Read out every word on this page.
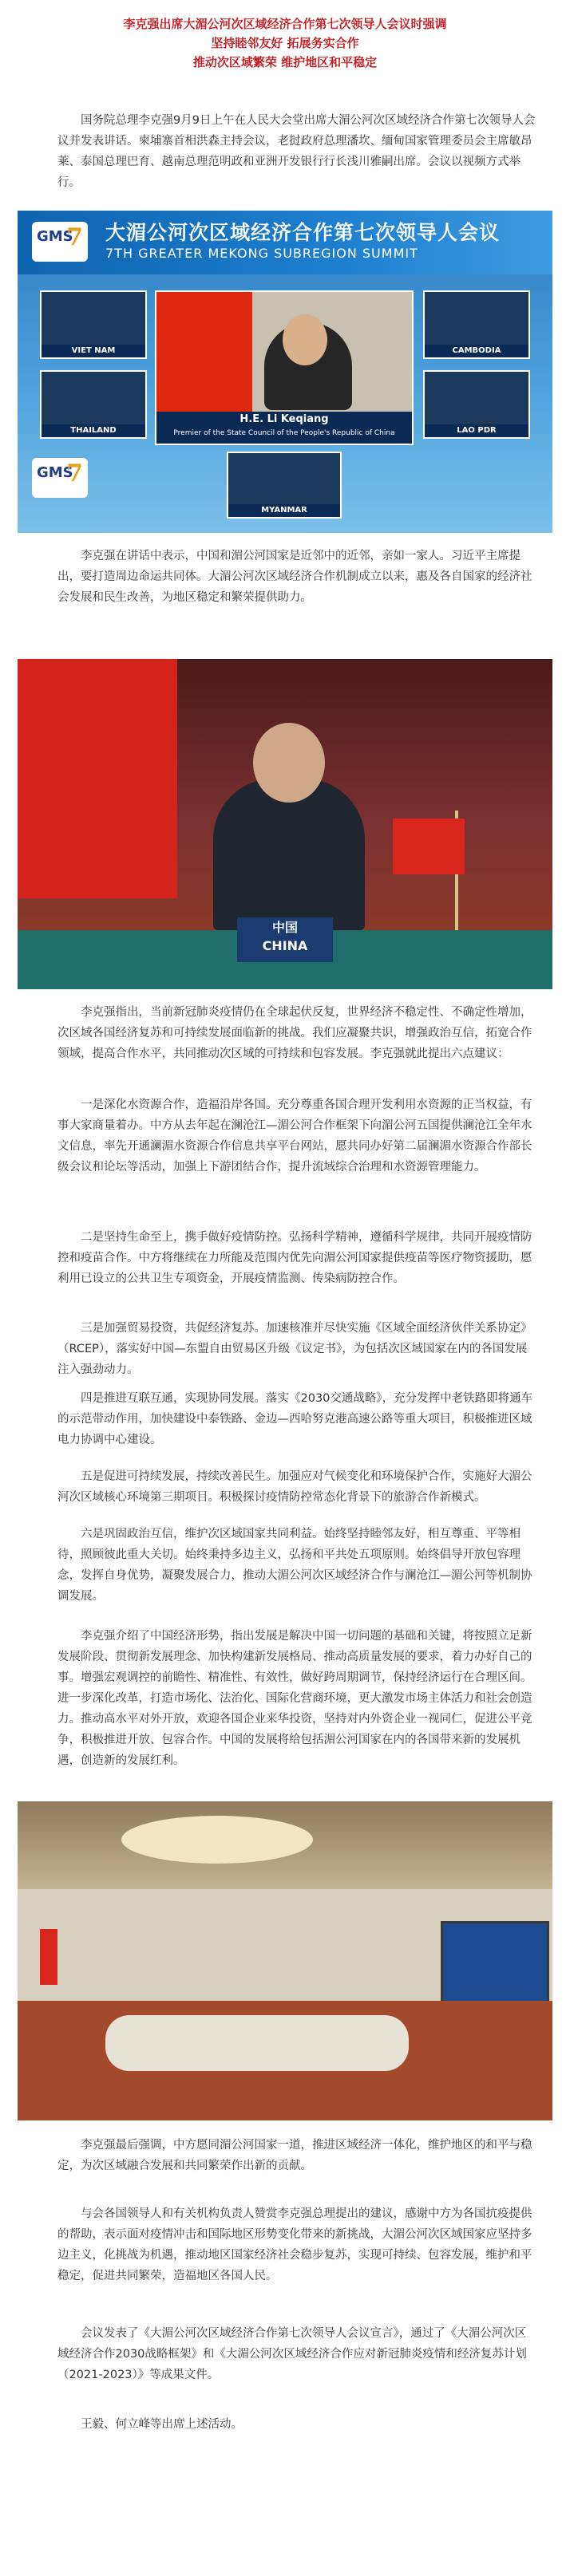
李克强出席大湄公河次区域经济合作第七次领导人会议时强调
坚持睦邻友好 拓展务实合作
推动次区域繁荣 维护地区和平稳定

国务院总理李克强9月9日上午在人民大会堂出席大湄公河次区域经济合作第七次领导人会议并发表讲话。柬埔寨首相洪森主持会议，老挝政府总理潘坎、缅甸国家管理委员会主席敏昂莱、泰国总理巴育、越南总理范明政和亚洲开发银行行长浅川雅嗣出席。会议以视频方式举行。

GMS
7 大湄公河次区域经济合作第七次领导人会议
7TH GREATER MEKONG SUBREGION SUMMIT
VIET NAM	CAMBODIA
THAILAND	LAO PDR
H.E. Li Keqiang
Premier of the State Council of the People's Republic of China
MYANMAR
GMS
7

李克强在讲话中表示，中国和湄公河国家是近邻中的近邻，亲如一家人。习近平主席提出，要打造周边命运共同体。大湄公河次区域经济合作机制成立以来，惠及各自国家的经济社会发展和民生改善，为地区稳定和繁荣提供助力。

中国
CHINA

李克强指出，当前新冠肺炎疫情仍在全球起伏反复，世界经济不稳定性、不确定性增加，次区域各国经济复苏和可持续发展面临新的挑战。我们应凝聚共识，增强政治互信，拓宽合作领域，提高合作水平，共同推动次区域的可持续和包容发展。李克强就此提出六点建议：

一是深化水资源合作，造福沿岸各国。充分尊重各国合理开发利用水资源的正当权益，有事大家商量着办。中方从去年起在澜沧江—湄公河合作框架下向湄公河五国提供澜沧江全年水文信息，率先开通澜湄水资源合作信息共享平台网站，愿共同办好第二届澜湄水资源合作部长级会议和论坛等活动，加强上下游团结合作，提升流域综合治理和水资源管理能力。

二是坚持生命至上，携手做好疫情防控。弘扬科学精神，遵循科学规律，共同开展疫情防控和疫苗合作。中方将继续在力所能及范围内优先向湄公河国家提供疫苗等医疗物资援助，愿利用已设立的公共卫生专项资金，开展疫情监测、传染病防控合作。

三是加强贸易投资，共促经济复苏。加速核准并尽快实施《区域全面经济伙伴关系协定》（RCEP），落实好中国—东盟自由贸易区升级《议定书》，为包括次区域国家在内的各国发展注入强劲动力。

四是推进互联互通，实现协同发展。落实《2030交通战略》，充分发挥中老铁路即将通车的示范带动作用，加快建设中泰铁路、金边—西哈努克港高速公路等重大项目，积极推进区域电力协调中心建设。

五是促进可持续发展，持续改善民生。加强应对气候变化和环境保护合作，实施好大湄公河次区域核心环境第三期项目。积极探讨疫情防控常态化背景下的旅游合作新模式。

六是巩固政治互信，维护次区域国家共同利益。始终坚持睦邻友好，相互尊重、平等相待，照顾彼此重大关切。始终秉持多边主义，弘扬和平共处五项原则。始终倡导开放包容理念，发挥自身优势，凝聚发展合力，推动大湄公河次区域经济合作与澜沧江—湄公河等机制协调发展。

李克强介绍了中国经济形势，指出发展是解决中国一切问题的基础和关键，将按照立足新发展阶段、贯彻新发展理念、加快构建新发展格局、推动高质量发展的要求，着力办好自己的事。增强宏观调控的前瞻性、精准性、有效性，做好跨周期调节，保持经济运行在合理区间。进一步深化改革，打造市场化、法治化、国际化营商环境，更大激发市场主体活力和社会创造力。推动高水平对外开放，欢迎各国企业来华投资，坚持对内外资企业一视同仁，促进公平竞争，积极推进开放、包容合作。中国的发展将给包括湄公河国家在内的各国带来新的发展机遇，创造新的发展红利。

李克强最后强调，中方愿同湄公河国家一道，推进区域经济一体化，维护地区的和平与稳定，为次区域融合发展和共同繁荣作出新的贡献。

与会各国领导人和有关机构负责人赞赏李克强总理提出的建议，感谢中方为各国抗疫提供的帮助，表示面对疫情冲击和国际地区形势变化带来的新挑战，大湄公河次区域国家应坚持多边主义，化挑战为机遇，推动地区国家经济社会稳步复苏，实现可持续、包容发展，维护和平稳定，促进共同繁荣，造福地区各国人民。

会议发表了《大湄公河次区域经济合作第七次领导人会议宣言》，通过了《大湄公河次区域经济合作2030战略框架》和《大湄公河次区域经济合作应对新冠肺炎疫情和经济复苏计划（2021-2023）》等成果文件。

王毅、何立峰等出席上述活动。
